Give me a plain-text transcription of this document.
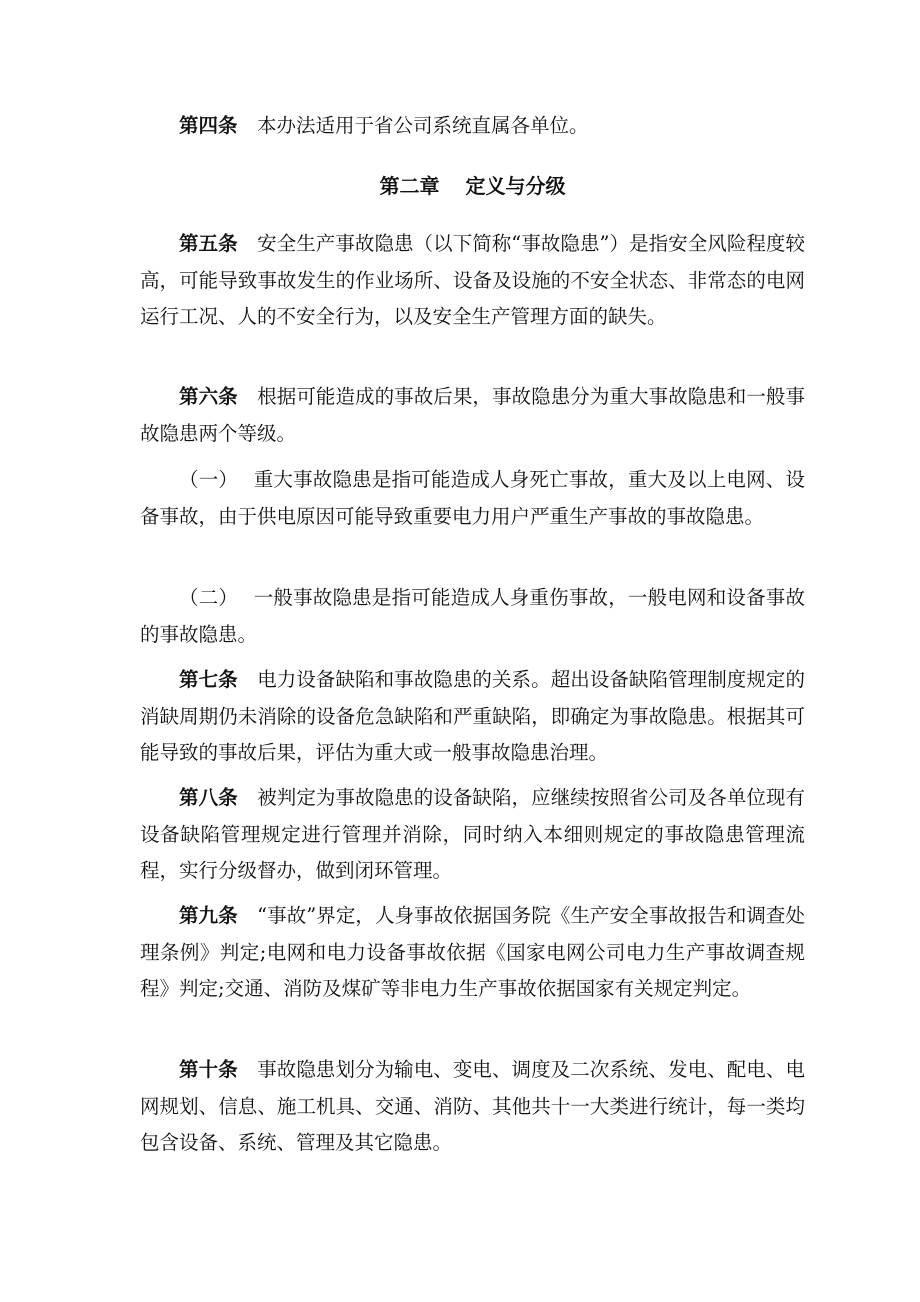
第四条 本办法适用于省公司系统直属各单位。

第二章 定义与分级

第五条 安全生产事故隐患（以下简称“事故隐患”）是指安全风险程度较高，可能导致事故发生的作业场所、设备及设施的不安全状态、非常态的电网运行工况、人的不安全行为，以及安全生产管理方面的缺失。

第六条 根据可能造成的事故后果，事故隐患分为重大事故隐患和一般事故隐患两个等级。

（一） 重大事故隐患是指可能造成人身死亡事故，重大及以上电网、设备事故，由于供电原因可能导致重要电力用户严重生产事故的事故隐患。

（二） 一般事故隐患是指可能造成人身重伤事故，一般电网和设备事故的事故隐患。

第七条 电力设备缺陷和事故隐患的关系。超出设备缺陷管理制度规定的消缺周期仍未消除的设备危急缺陷和严重缺陷，即确定为事故隐患。根据其可能导致的事故后果，评估为重大或一般事故隐患治理。

第八条 被判定为事故隐患的设备缺陷，应继续按照省公司及各单位现有设备缺陷管理规定进行管理并消除，同时纳入本细则规定的事故隐患管理流程，实行分级督办，做到闭环管理。

第九条 “事故”界定，人身事故依据国务院《生产安全事故报告和调查处理条例》判定;电网和电力设备事故依据《国家电网公司电力生产事故调查规程》判定;交通、消防及煤矿等非电力生产事故依据国家有关规定判定。

第十条 事故隐患划分为输电、变电、调度及二次系统、发电、配电、电网规划、信息、施工机具、交通、消防、其他共十一大类进行统计，每一类均包含设备、系统、管理及其它隐患。
